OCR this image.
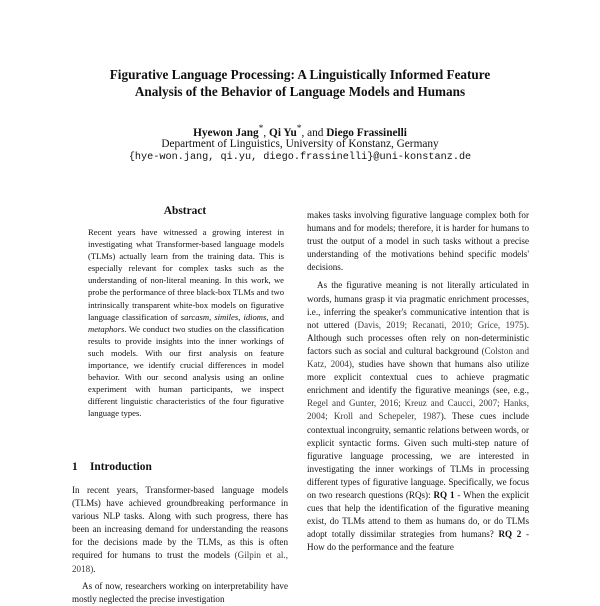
Figurative Language Processing: A Linguistically Informed Feature
Analysis of the Behavior of Language Models and Humans
Hyewon Jang*, Qi Yu*, and Diego Frassinelli
Department of Linguistics, University of Konstanz, Germany
{hye-won.jang, qi.yu, diego.frassinelli}@uni-konstanz.de
Abstract
Recent years have witnessed a growing interest in investigating what Transformer-based language models (TLMs) actually learn from the training data. This is especially relevant for complex tasks such as the understanding of non-literal meaning. In this work, we probe the performance of three black-box TLMs and two intrinsically transparent white-box models on figurative language classification of sarcasm, similes, idioms, and metaphors. We conduct two studies on the classification results to provide insights into the inner workings of such models. With our first analysis on feature importance, we identify crucial differences in model behavior. With our second analysis using an online experiment with human participants, we inspect different linguistic characteristics of the four figurative language types.
1 Introduction

In recent years, Transformer-based language models (TLMs) have achieved groundbreaking performance in various NLP tasks. Along with such progress, there has been an increasing demand for understanding the reasons for the decisions made by the TLMs, as this is often required for humans to trust the models (Gilpin et al., 2018).

As of now, researchers working on interpretability have mostly neglected the precise investigation

makes tasks involving figurative language complex both for humans and for models; therefore, it is harder for humans to trust the output of a model in such tasks without a precise understanding of the motivations behind specific models' decisions.

As the figurative meaning is not literally articulated in words, humans grasp it via pragmatic enrichment processes, i.e., inferring the speaker's communicative intention that is not uttered (Davis, 2019; Recanati, 2010; Grice, 1975). Although such processes often rely on non-deterministic factors such as social and cultural background (Colston and Katz, 2004), studies have shown that humans also utilize more explicit contextual cues to achieve pragmatic enrichment and identify the figurative meanings (see, e.g., Regel and Gunter, 2016; Kreuz and Caucci, 2007; Hanks, 2004; Kroll and Schepeler, 1987). These cues include contextual incongruity, semantic relations between words, or explicit syntactic forms. Given such multi-step nature of figurative language processing, we are interested in investigating the inner workings of TLMs in processing different types of figurative language. Specifically, we focus on two research questions (RQs): RQ 1 - When the explicit cues that help the identification of the figurative meaning exist, do TLMs attend to them as humans do, or do TLMs adopt totally dissimilar strategies from humans? RQ 2 - How do the performance and the feature
